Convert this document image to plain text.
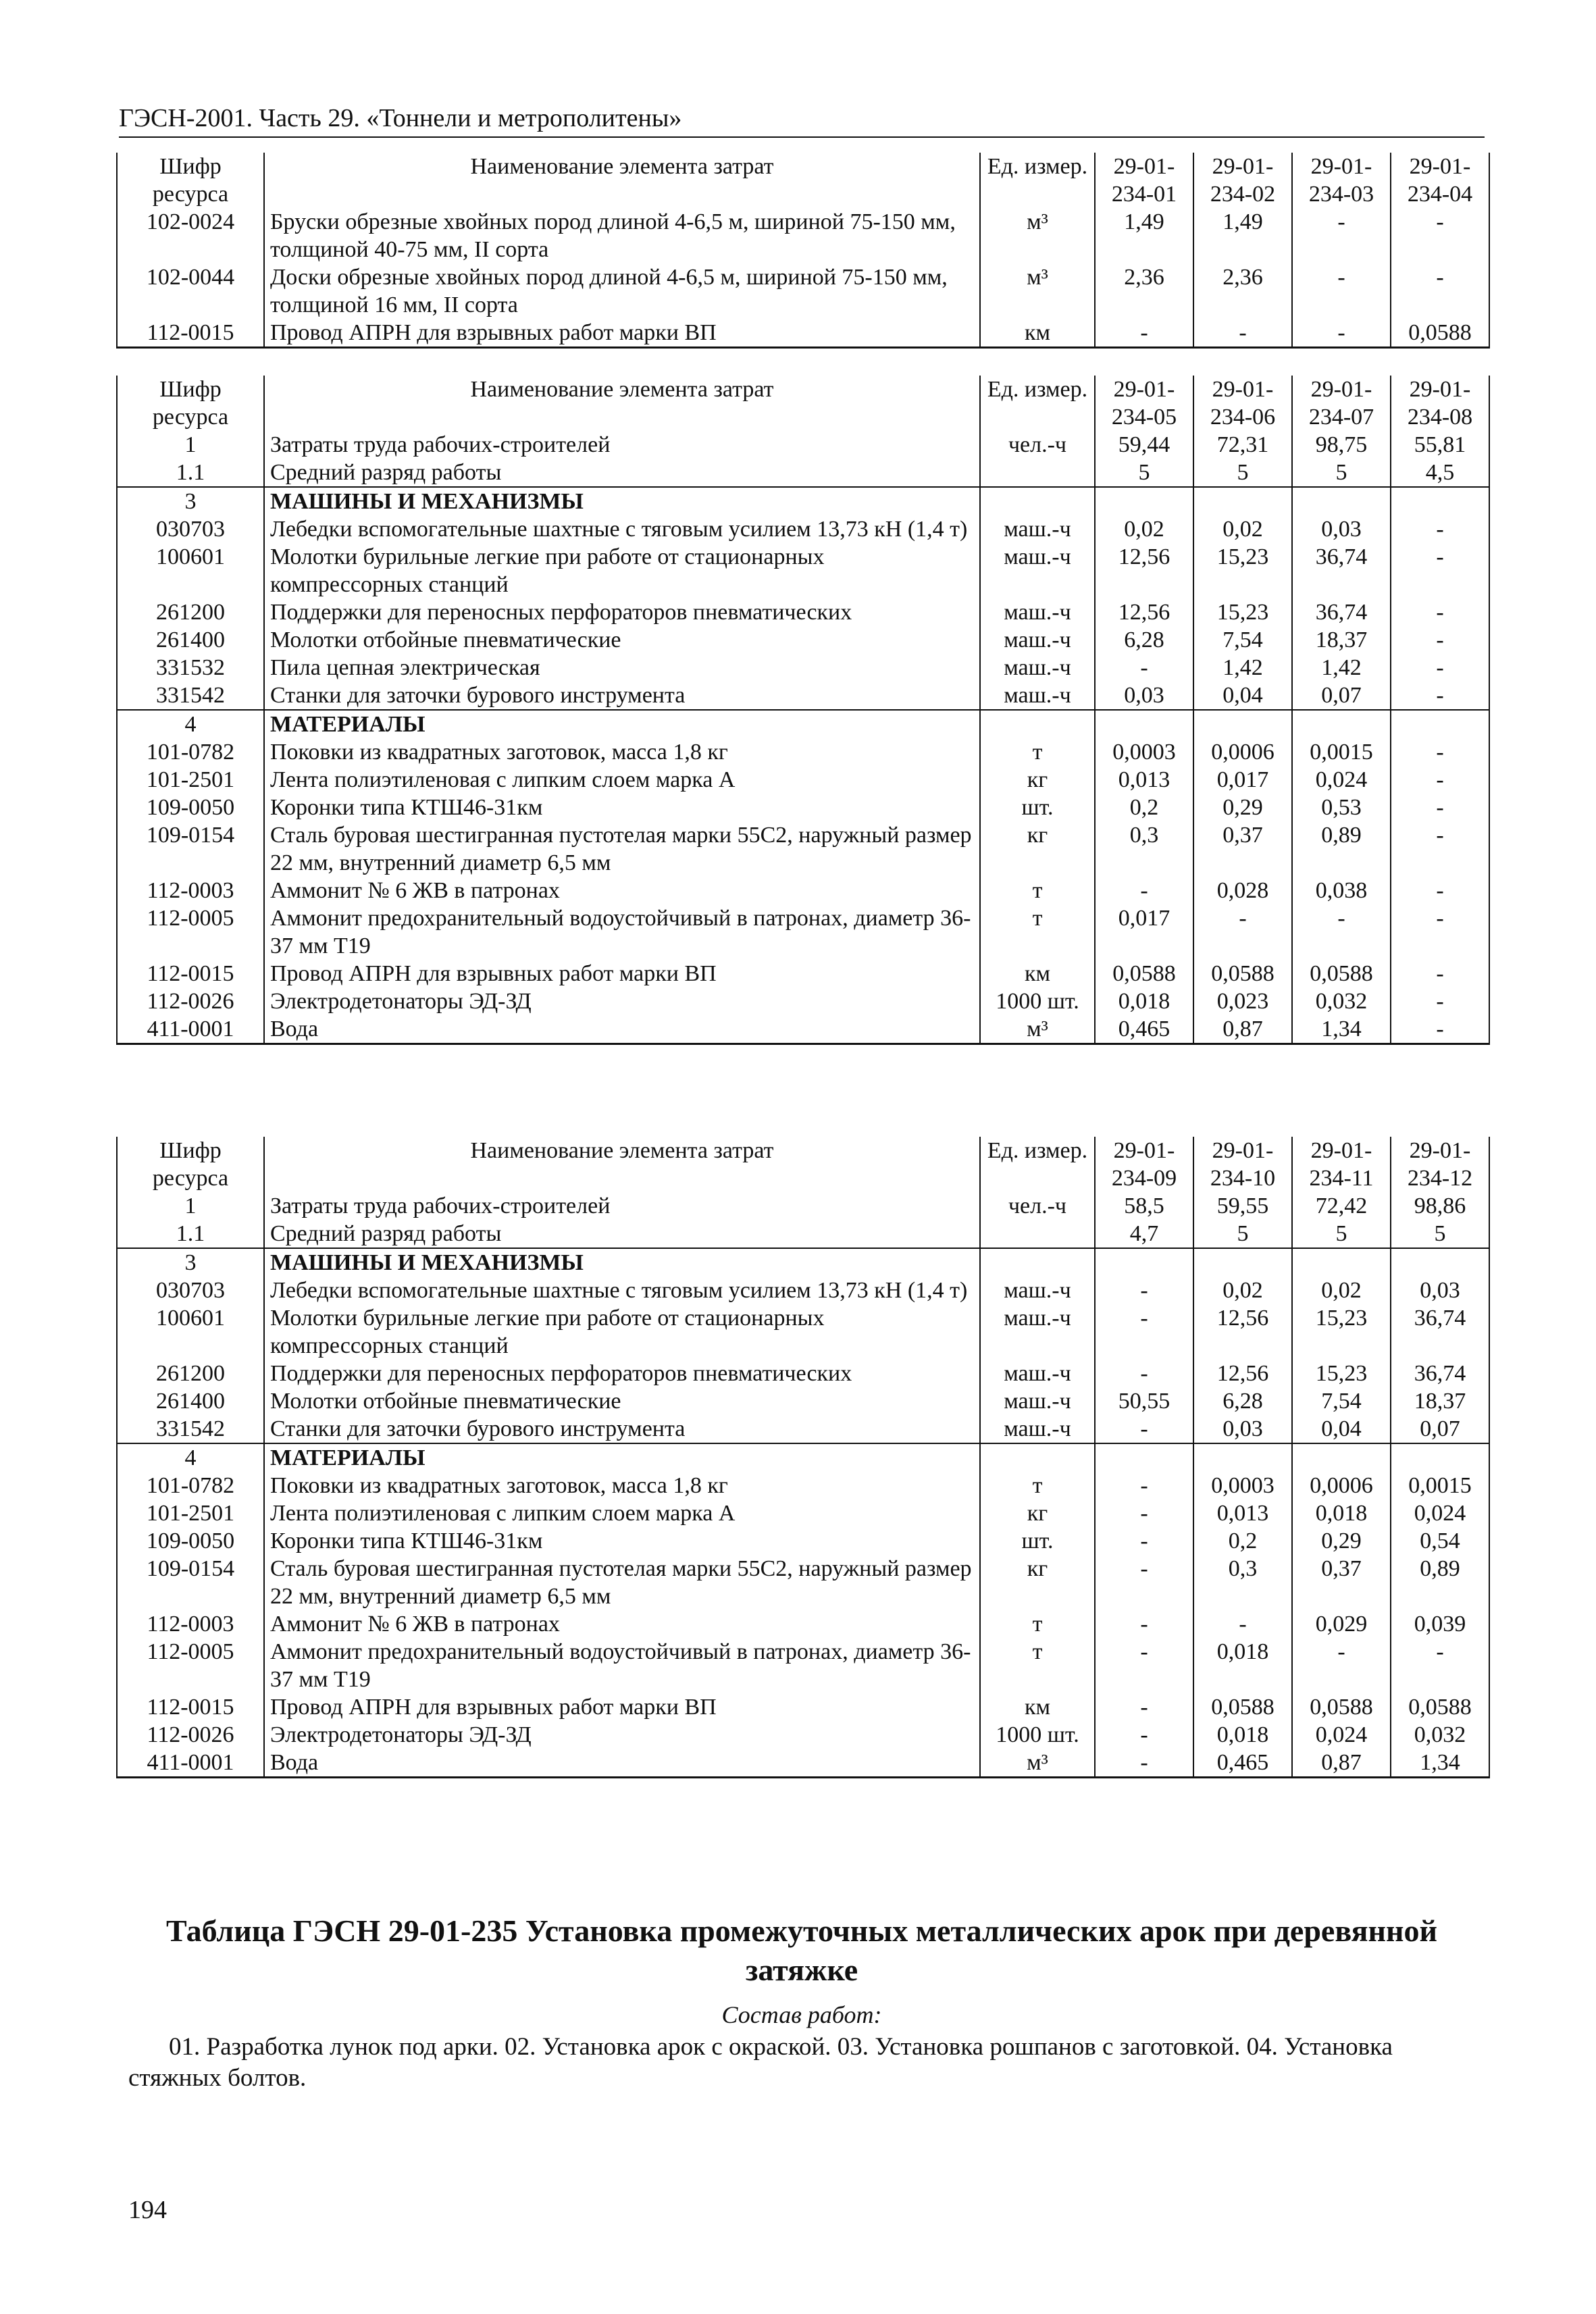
ГЭСН-2001. Часть 29. «Тоннели и метрополитены»
Шифр ресурса	Наименование элемента затрат	Ед. измер.	29-01-234-01	29-01-234-02	29-01-234-03	29-01-234-04
102-0024	Бруски обрезные хвойных пород длиной 4-6,5 м, шириной 75-150 мм, толщиной 40-75 мм, II сорта	м³	1,49	1,49	-	-
102-0044	Доски обрезные хвойных пород длиной 4-6,5 м, шириной 75-150 мм, толщиной 16 мм, II сорта	м³	2,36	2,36	-	-
112-0015	Провод АПРН для взрывных работ марки ВП	км	-	-	-	0,0588
Шифр ресурса	Наименование элемента затрат	Ед. измер.	29-01-234-05	29-01-234-06	29-01-234-07	29-01-234-08
1	Затраты труда рабочих-строителей	чел.-ч	59,44	72,31	98,75	55,81
1.1	Средний разряд работы		5	5	5	4,5
3	МАШИНЫ И МЕХАНИЗМЫ					
030703	Лебедки вспомогательные шахтные с тяговым усилием 13,73 кН (1,4 т)	маш.-ч	0,02	0,02	0,03	-
100601	Молотки бурильные легкие при работе от стационарных компрессорных станций	маш.-ч	12,56	15,23	36,74	-
261200	Поддержки для переносных перфораторов пневматических	маш.-ч	12,56	15,23	36,74	-
261400	Молотки отбойные пневматические	маш.-ч	6,28	7,54	18,37	-
331532	Пила цепная электрическая	маш.-ч	-	1,42	1,42	-
331542	Станки для заточки бурового инструмента	маш.-ч	0,03	0,04	0,07	-
4	МАТЕРИАЛЫ					
101-0782	Поковки из квадратных заготовок, масса 1,8 кг	т	0,0003	0,0006	0,0015	-
101-2501	Лента полиэтиленовая с липким слоем марка А	кг	0,013	0,017	0,024	-
109-0050	Коронки типа КТШ46-31км	шт.	0,2	0,29	0,53	-
109-0154	Сталь буровая шестигранная пустотелая марки 55С2, наружный размер 22 мм, внутренний диаметр 6,5 мм	кг	0,3	0,37	0,89	-
112-0003	Аммонит № 6 ЖВ в патронах	т	-	0,028	0,038	-
112-0005	Аммонит предохранительный водоустойчивый в патронах, диаметр 36-37 мм Т19	т	0,017	-	-	-
112-0015	Провод АПРН для взрывных работ марки ВП	км	0,0588	0,0588	0,0588	-
112-0026	Электродетонаторы ЭД-ЗД	1000 шт.	0,018	0,023	0,032	-
411-0001	Вода	м³	0,465	0,87	1,34	-
Шифр ресурса	Наименование элемента затрат	Ед. измер.	29-01-234-09	29-01-234-10	29-01-234-11	29-01-234-12
1	Затраты труда рабочих-строителей	чел.-ч	58,5	59,55	72,42	98,86
1.1	Средний разряд работы		4,7	5	5	5
3	МАШИНЫ И МЕХАНИЗМЫ					
030703	Лебедки вспомогательные шахтные с тяговым усилием 13,73 кН (1,4 т)	маш.-ч	-	0,02	0,02	0,03
100601	Молотки бурильные легкие при работе от стационарных компрессорных станций	маш.-ч	-	12,56	15,23	36,74
261200	Поддержки для переносных перфораторов пневматических	маш.-ч	-	12,56	15,23	36,74
261400	Молотки отбойные пневматические	маш.-ч	50,55	6,28	7,54	18,37
331542	Станки для заточки бурового инструмента	маш.-ч	-	0,03	0,04	0,07
4	МАТЕРИАЛЫ					
101-0782	Поковки из квадратных заготовок, масса 1,8 кг	т	-	0,0003	0,0006	0,0015
101-2501	Лента полиэтиленовая с липким слоем марка А	кг	-	0,013	0,018	0,024
109-0050	Коронки типа КТШ46-31км	шт.	-	0,2	0,29	0,54
109-0154	Сталь буровая шестигранная пустотелая марки 55С2, наружный размер 22 мм, внутренний диаметр 6,5 мм	кг	-	0,3	0,37	0,89
112-0003	Аммонит № 6 ЖВ в патронах	т	-	-	0,029	0,039
112-0005	Аммонит предохранительный водоустойчивый в патронах, диаметр 36-37 мм Т19	т	-	0,018	-	-
112-0015	Провод АПРН для взрывных работ марки ВП	км	-	0,0588	0,0588	0,0588
112-0026	Электродетонаторы ЭД-ЗД	1000 шт.	-	0,018	0,024	0,032
411-0001	Вода	м³	-	0,465	0,87	1,34
Таблица ГЭСН 29-01-235 Установка промежуточных металлических арок при деревянной затяжке
Состав работ:
01. Разработка лунок под арки. 02. Установка арок с окраской. 03. Установка рошпанов с заготовкой. 04. Установка стяжных болтов.
194
